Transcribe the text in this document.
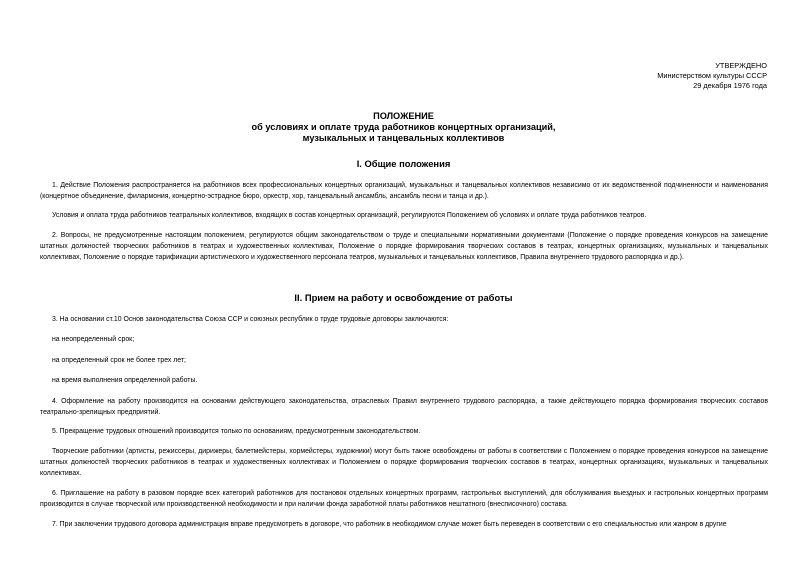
УТВЕРЖДЕНО
Министерством культуры СССР
29 декабря 1976 года
ПОЛОЖЕНИЕ
об условиях и оплате труда работников концертных организаций,
музыкальных и танцевальных коллективов
I. Общие положения
1. Действие Положения распространяется на работников всех профессиональных концертных организаций, музыкальных и танцевальных коллективов независимо от их ведомственной подчиненности и наименования (концертное объединение, филармония, концертно-эстрадное бюро, оркестр, хор, танцевальный ансамбль, ансамбль песни и танца и др.).
Условия и оплата труда работников театральных коллективов, входящих в состав концертных организаций, регулируются Положением об условиях и оплате труда работников театров.
2. Вопросы, не предусмотренные настоящим положением, регулируются общим законодательством о труде и специальными нормативными документами (Положение о порядке проведения конкурсов на замещение штатных должностей творческих работников в театрах и художественных коллективах, Положение о порядке формирования творческих составов в театрах, концертных организациях, музыкальных и танцевальных коллективах, Положение о порядке тарификации артистического и художественного персонала театров, музыкальных и танцевальных коллективов, Правила внутреннего трудового распорядка и др.).
II. Прием на работу и освобождение от работы
3. На основании ст.10 Основ законодательства Союза ССР и союзных республик о труде трудовые договоры заключаются:
на неопределенный срок;
на определенный срок не более трех лет;
на время выполнения определенной работы.
4. Оформление на работу производится на основании действующего законодательства, отраслевых Правил внутреннего трудового распорядка, а также действующего порядка формирования творческих составов театрально-зрелищных предприятий.
5. Прекращение трудовых отношений производится только по основаниям, предусмотренным законодательством.
Творческие работники (артисты, режиссеры, дирижеры, балетмейстеры, хормейстеры, художники) могут быть также освобождены от работы в соответствии с Положением о порядке проведения конкурсов на замещение штатных должностей творческих работников в театрах и художественных коллективах и Положением о порядке формирования творческих составов в театрах, концертных организациях, музыкальных и танцевальных коллективах.
6. Приглашение на работу в разовом порядке всех категорий работников для постановок отдельных концертных программ, гастрольных выступлений, для обслуживания выездных и гастрольных концертных программ производится в случае творческой или производственной необходимости и при наличии фонда заработной платы работников нештатного (внесписочного) состава.
7. При заключении трудового договора администрация вправе предусмотреть в договоре, что работник в необходимом случае может быть переведен в соответствии с его специальностью или жанром в другие
